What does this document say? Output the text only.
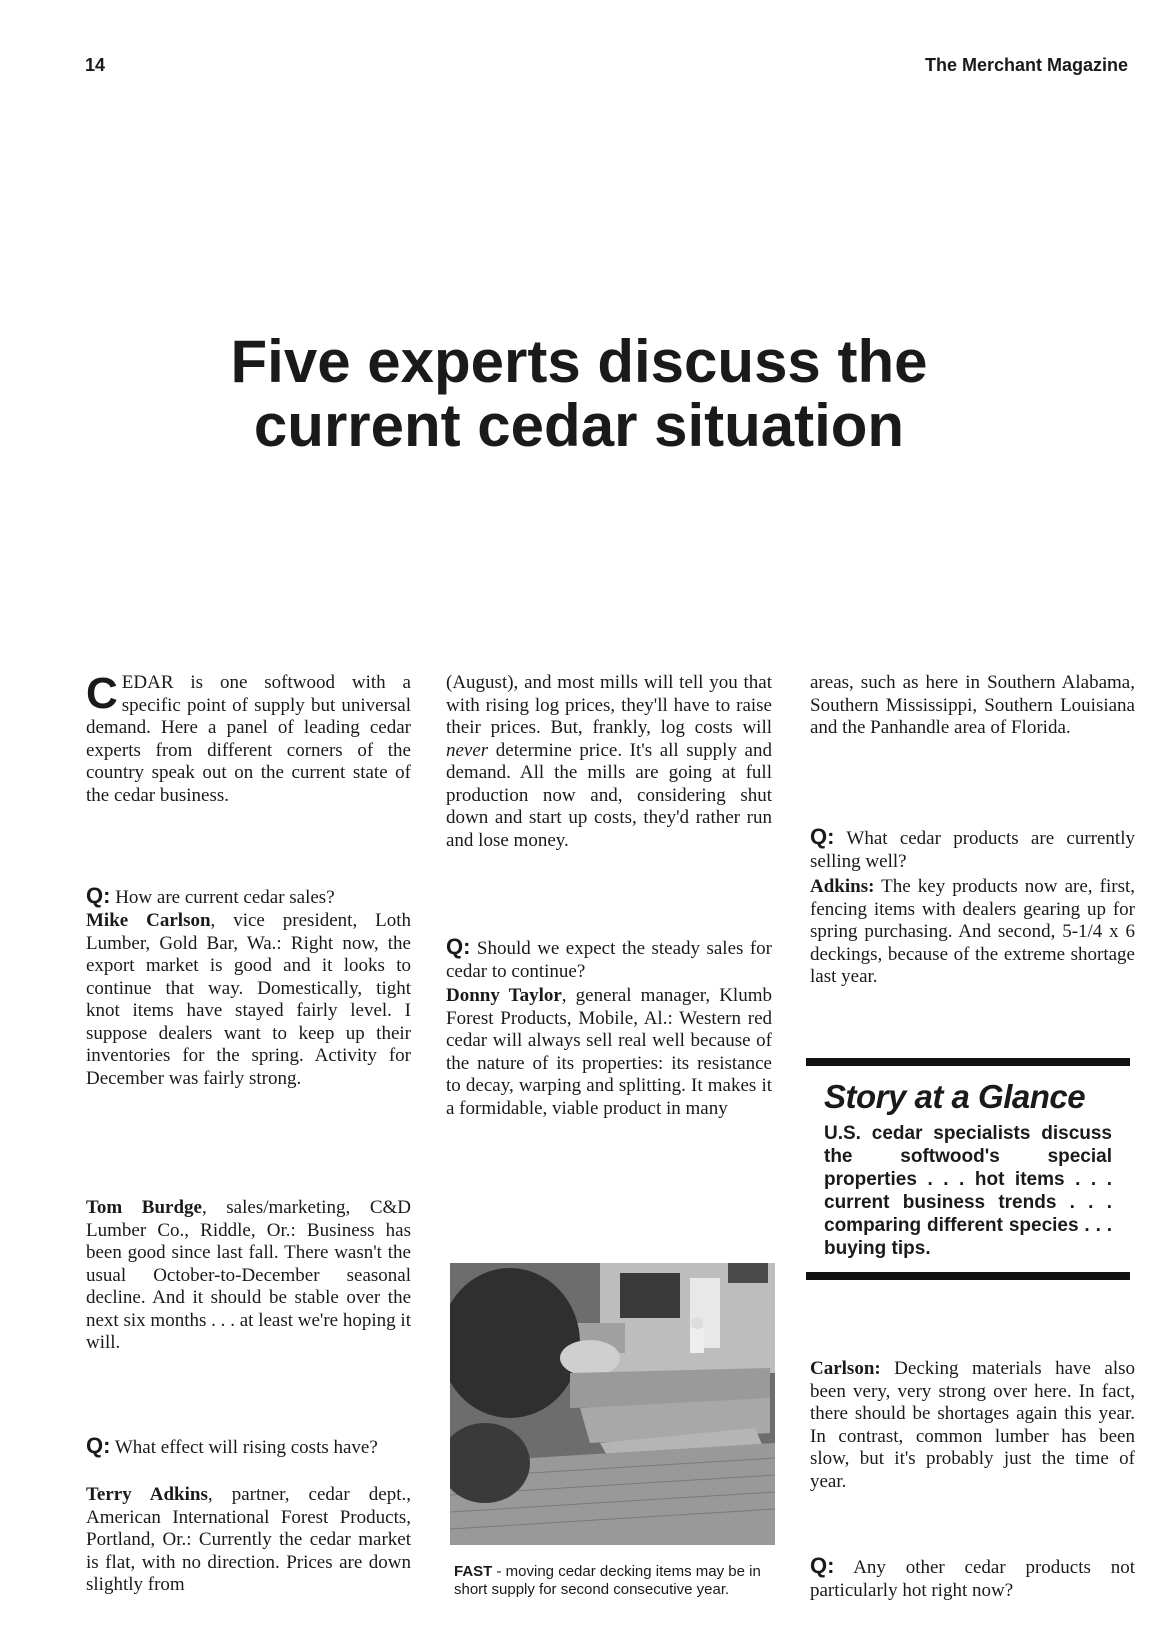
14	The Merchant Magazine
Five experts discuss the
current cedar situation
CEDAR is one softwood with a specific point of supply but universal demand. Here a panel of leading cedar experts from different corners of the country speak out on the current state of the cedar business.
Q: How are current cedar sales?
Mike Carlson, vice president, Loth Lumber, Gold Bar, Wa.: Right now, the export market is good and it looks to continue that way. Domestically, tight knot items have stayed fairly level. I suppose dealers want to keep up their inventories for the spring. Activity for December was fairly strong.
Tom Burdge, sales/marketing, C&D Lumber Co., Riddle, Or.: Business has been good since last fall. There wasn't the usual October-to-December seasonal decline. And it should be stable over the next six months . . . at least we're hoping it will.
Q: What effect will rising costs have?
Terry Adkins, partner, cedar dept., American International Forest Products, Portland, Or.: Currently the cedar market is flat, with no direction. Prices are down slightly from
(August), and most mills will tell you that with rising log prices, they'll have to raise their prices. But, frankly, log costs will never determine price. It's all supply and demand. All the mills are going at full production now and, considering shut down and start up costs, they'd rather run and lose money.
Q: Should we expect the steady sales for cedar to continue?
Donny Taylor, general manager, Klumb Forest Products, Mobile, Al.: Western red cedar will always sell real well because of the nature of its properties: its resistance to decay, warping and splitting. It makes it a formidable, viable product in many
FAST - moving cedar decking items may be in short supply for second consecutive year.
areas, such as here in Southern Alabama, Southern Mississippi, Southern Louisiana and the Panhandle area of Florida.
Q: What cedar products are currently selling well?
Adkins: The key products now are, first, fencing items with dealers gearing up for spring purchasing. And second, 5-1/4 x 6 deckings, because of the extreme shortage last year.
Story at a Glance
U.S. cedar specialists discuss the softwood's special properties . . . hot items . . . current business trends . . . comparing different species . . . buying tips.
Carlson: Decking materials have also been very, very strong over here. In fact, there should be shortages again this year. In contrast, common lumber has been slow, but it's probably just the time of year.
Q: Any other cedar products not particularly hot right now?
